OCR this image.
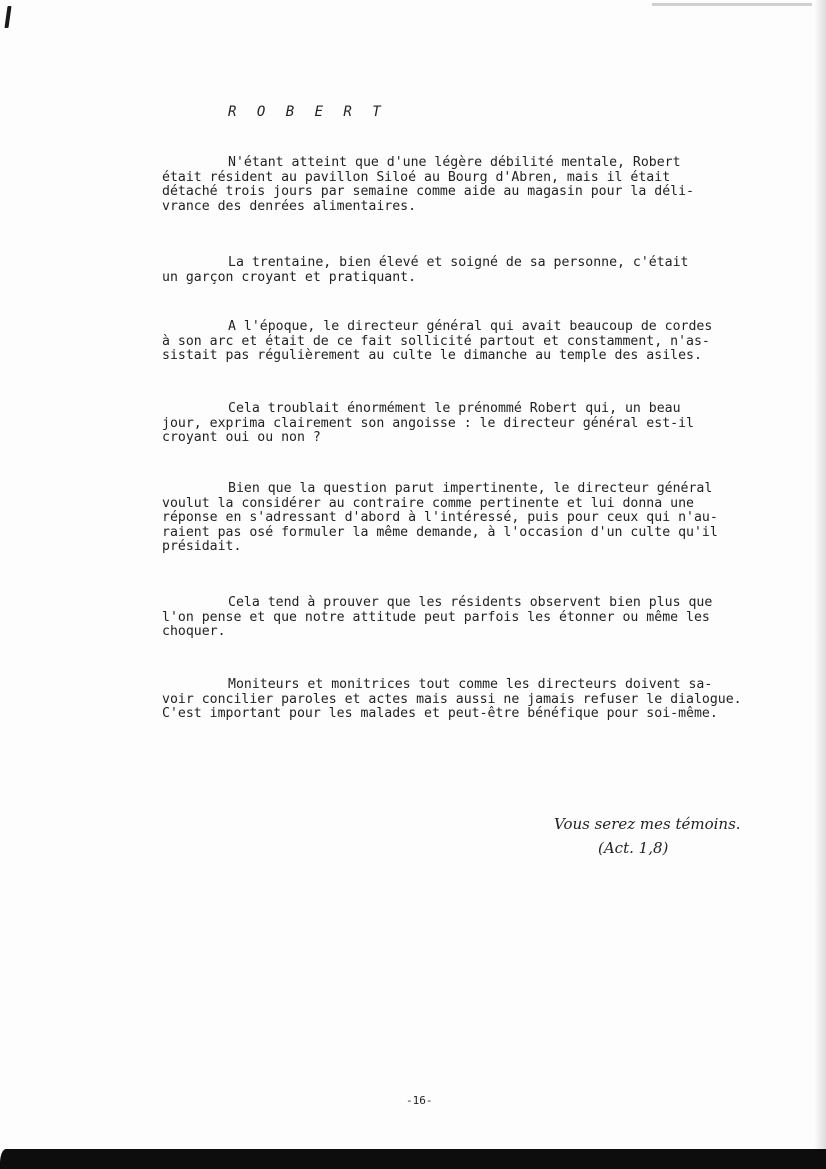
R O B E R T

N'étant atteint que d'une légère débilité mentale, Robert
était résident au pavillon Siloé au Bourg d'Abren, mais il était
détaché trois jours par semaine comme aide au magasin pour la déli-
vrance des denrées alimentaires.

La trentaine, bien élevé et soigné de sa personne, c'était
un garçon croyant et pratiquant.

A l'époque, le directeur général qui avait beaucoup de cordes
à son arc et était de ce fait sollicité partout et constamment, n'as-
sistait pas régulièrement au culte le dimanche au temple des asiles.

Cela troublait énormément le prénommé Robert qui, un beau
jour, exprima clairement son angoisse : le directeur général est-il
croyant oui ou non ?

Bien que la question parut impertinente, le directeur général
voulut la considérer au contraire comme pertinente et lui donna une
réponse en s'adressant d'abord à l'intéressé, puis pour ceux qui n'au-
raient pas osé formuler la même demande, à l'occasion d'un culte qu'il
présidait.

Cela tend à prouver que les résidents observent bien plus que
l'on pense et que notre attitude peut parfois les étonner ou même les
choquer.

Moniteurs et monitrices tout comme les directeurs doivent sa-
voir concilier paroles et actes mais aussi ne jamais refuser le dialogue.
C'est important pour les malades et peut-être bénéfique pour soi-même.

Vous serez mes témoins.
(Act. 1,8)

-16-
